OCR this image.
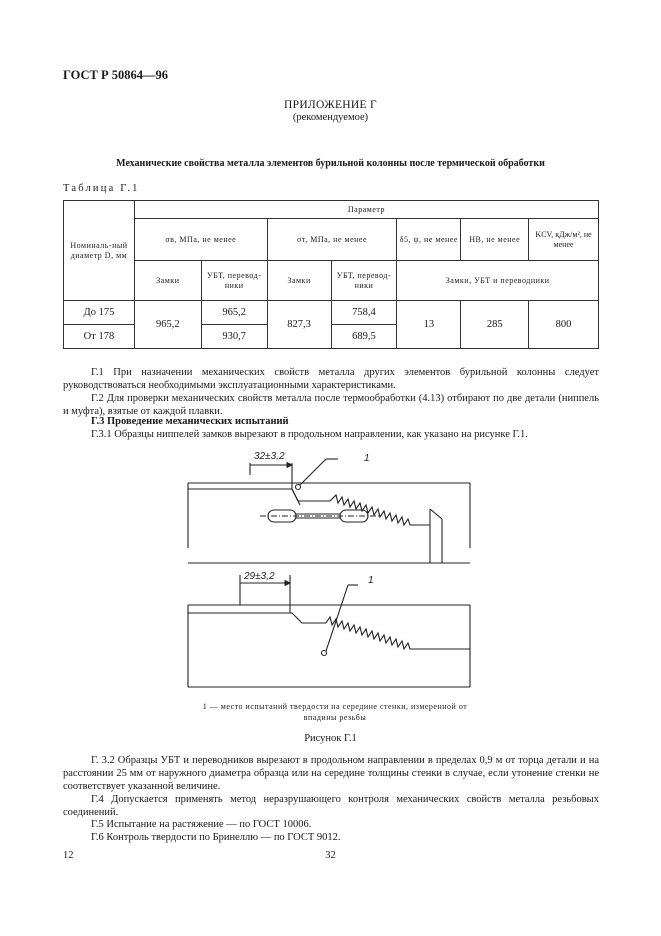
ГОСТ Р 50864—96
ПРИЛОЖЕНИЕ Г
(рекомендуемое)
Механические свойства металла элементов бурильной колонны после термической обработки
Таблица Г.1
Номиналь-ный диаметр D, мм	Параметр						
	σв, МПа, не менее		σт, МПа, не менее		δ5, ψ, не менее	НВ, не менее	KCV, кДж/м², не менее
	Замки	УБТ, перевод-ники	Замки	УБТ, перевод-ники	Замки, УБТ и переводники		
До 175	965,2	965,2	827,3	758,4	13	285	800
От 178		930,7		689,5			
Г.1 При назначении механических свойств металла других элементов бурильной колонны следует руководствоваться необходимыми эксплуатационными характеристиками.
Г.2 Для проверки механических свойств металла после термообработки (4.13) отбирают по две детали (ниппель и муфта), взятые от каждой плавки.
Г.3 Проведение механических испытаний
Г.3.1 Образцы ниппелей замков вырезают в продольном направлении, как указано на рисунке Г.1.
32±3,2	1
29±3,2	1
1 — место испытаний твердости на середине стенки, измеренной от впадины резьбы
Рисунок Г.1
Г. 3.2 Образцы УБТ и переводников вырезают в продольном направлении в пределах 0,9 м от торца детали и на расстоянии 25 мм от наружного диаметра образца или на середине толщины стенки в случае, если утонение стенки не соответствует указанной величине.
Г.4 Допускается применять метод неразрушающего контроля механических свойств металла резьбовых соединений.
Г.5 Испытание на растяжение — по ГОСТ 10006.
Г.6 Контроль твердости по Бринеллю — по ГОСТ 9012.
12	32
